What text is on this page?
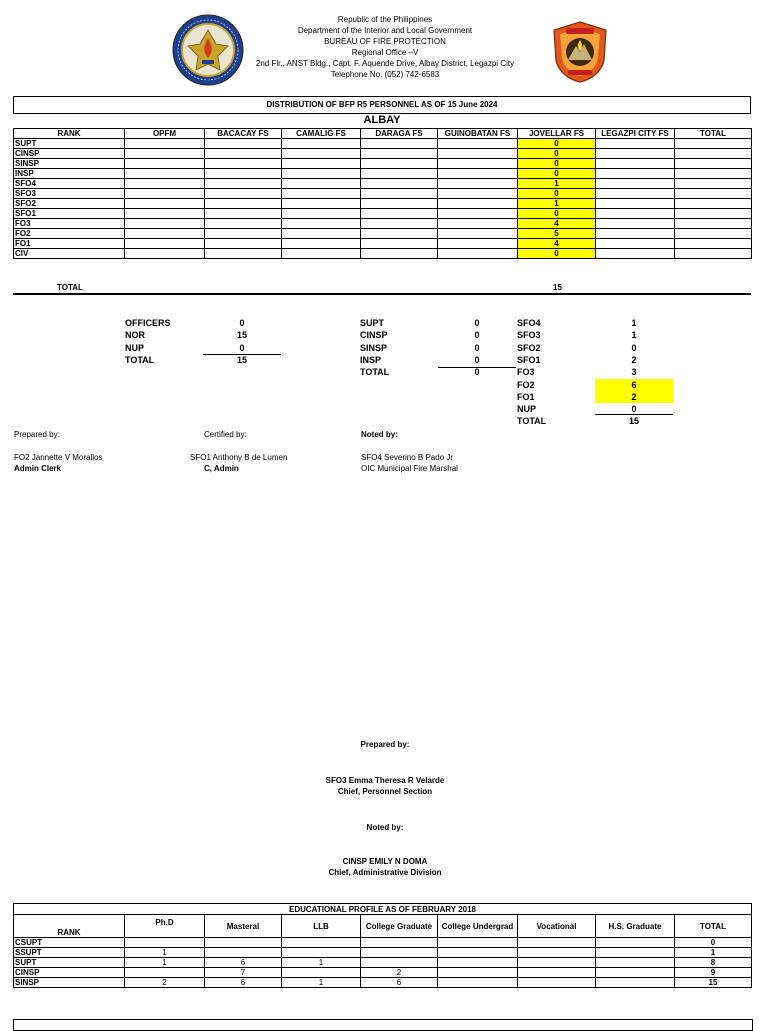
Republic of the Philippines
Department of the Interior and Local Government
BUREAU OF FIRE PROTECTION
Regional Office –V
2nd Flr., ANST Bldg., Capt. F. Aquende Drive, Albay District, Legazpi City
Telephone No. (052) 742-6583
DISTRIBUTION OF BFP R5 PERSONNEL AS OF 15 June 2024
ALBAY
RANK	OPFM	BACACAY FS	CAMALIG FS	DARAGA FS	GUINOBATAN FS	JOVELLAR FS	LEGAZPI CITY FS	TOTAL
SUPT						0		
CINSP						0		
SINSP						0		
INSP						0		
SFO4						1		
SFO3						0		
SFO2						1		
SFO1						0		
FO3						4		
FO2						5		
FO1						4		
CIV						0		
TOTAL	15
OFFICERS	0
NOR	15
NUP	0
TOTAL	15
SUPT	0
CINSP	0
SINSP	0
INSP	0
TOTAL	0
SFO4	1
SFO3	1
SFO2	0
SFO1	2
FO3	3
FO2	6
FO1	2
NUP	0
TOTAL	15
Prepared by:
FO2 Jannette V Morallos
Admin Clerk
Certified by:
SFO1 Anthony B de Lumen
C, Admin
Noted by:
SFO4 Severino B Pado Jr
OIC Municipal Fire Marshal
Prepared by:
SFO3 Emma Theresa R Velarde
Chief, Personnel Section
Noted by:
CINSP EMILY N DOMA
Chief, Administrative Division
EDUCATIONAL PROFILE AS OF FEBRUARY 2018								
RANK	Ph.D	Masteral	LLB	College Graduate	College Undergrad	Vocational	H.S. Graduate	TOTAL
CSUPT								0
SSUPT	1							1
SUPT	1	6	1					8
CINSP		7		2				9
SINSP	2	6	1	6				15
